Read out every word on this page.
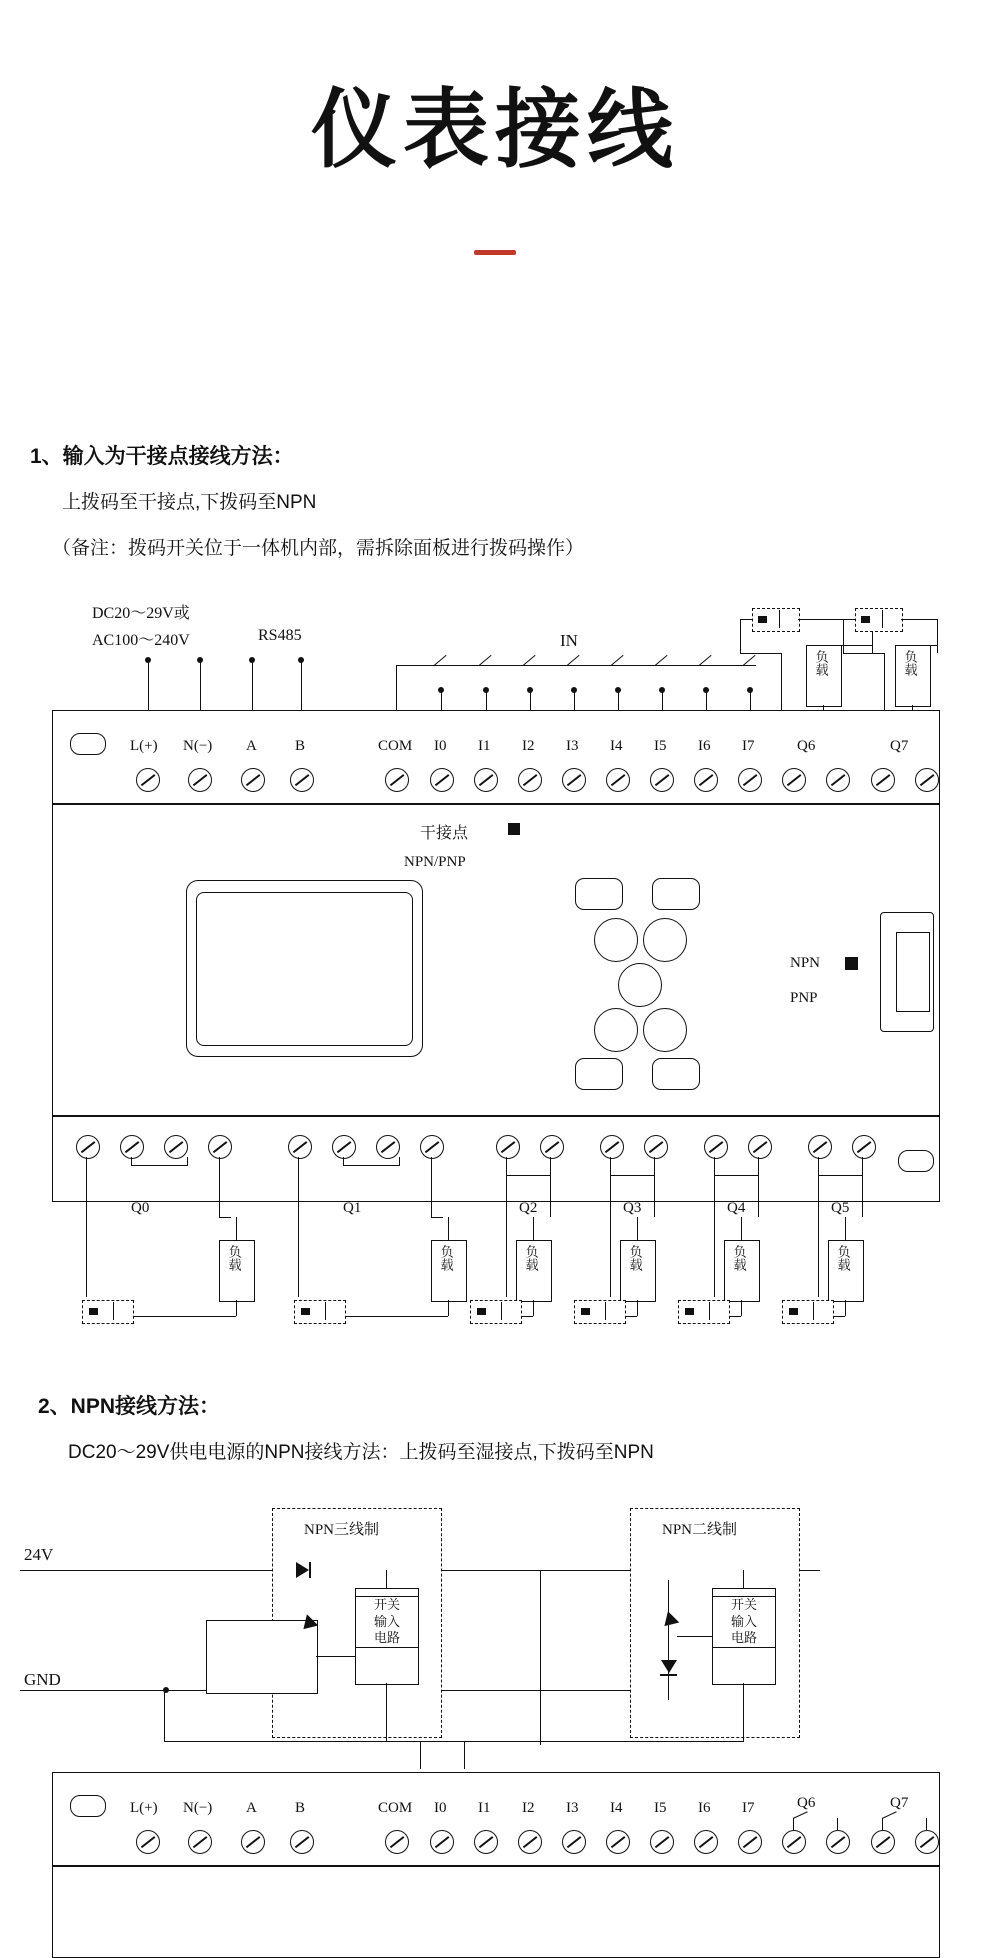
仪表接线
1、输入为干接点接线方法：
上拨码至干接点,下拨码至NPN
（备注：拨码开关位于一体机内部，需拆除面板进行拨码操作）
DC20～29V或
AC100～240V	RS485	IN
负载	负载
L(+) N(−) A	B	COM I0 I1 I2 I3 I4 I5 I6 I7	Q6	Q7
干接点
NPN/PNP
NPN
PNP
Q0	Q1	Q2	Q3	Q4	Q5
负载	负载	负载	负载	负载	负载
2、NPN接线方法：
DC20～29V供电电源的NPN接线方法：上拨码至湿接点,下拨码至NPN
24V
GND
NPN三线制
开关
输入
电路
NPN二线制
开关
输入
电路
L(+) N(−) A	B	COM I0 I1 I2 I3 I4 I5 I6 I7	Q6	Q7
